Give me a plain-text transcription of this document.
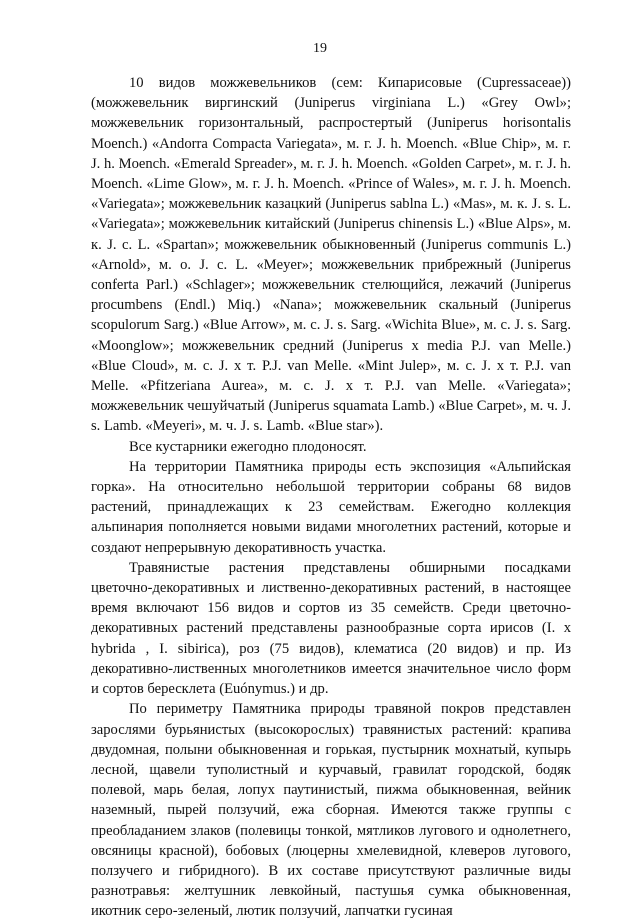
19

10 видов можжевельников (сем: Кипарисовые (Cupressaceae)) (можжевельник виргинский (Juniperus virginiana L.) «Grey Owl»; можжевельник горизонтальный, распростертый (Juniperus horisontalis Moench.) «Andorra Compacta Variegata», м. г. J. h. Moench. «Blue Chip», м. г. J. h. Moench. «Emerald Spreader», м. г. J. h. Moench. «Golden Carpet», м. г. J. h. Moench. «Lime Glow», м. г. J. h. Moench. «Prince of Wales», м. г. J. h. Moench. «Variegata»; можжевельник казацкий (Juniperus sablna L.) «Mas», м. к. J. s. L. «Variegata»; можжевельник китайский (Juniperus chinensis L.) «Blue Alps», м. к. J. c. L. «Spartan»; можжевельник обыкновенный (Juniperus communis L.) «Arnold», м. о. J. c. L. «Meyer»; можжевельник прибрежный (Juniperus conferta Parl.) «Schlager»; можжевельник стелющийся, лежачий (Juniperus procumbens (Endl.) Miq.) «Nana»; можжевельник скальный (Juniperus scopulorum Sarg.) «Blue Arrow», м. с. J. s. Sarg. «Wichita Blue», м. с. J. s. Sarg. «Moonglow»; можжевельник средний (Juniperus x media P.J. van Melle.) «Blue Cloud», м. с. J. x т. P.J. van Melle. «Mint Julep», м. с. J. x т. P.J. van Melle. «Pfitzeriana Aurea», м. с. J. x т. P.J. van Melle. «Variegata»; можжевельник чешуйчатый (Juniperus squamata Lamb.) «Blue Carpet», м. ч. J. s. Lamb. «Meyeri», м. ч. J. s. Lamb. «Blue star»).

Все кустарники ежегодно плодоносят.

На территории Памятника природы есть экспозиция «Альпийская горка». На относительно небольшой территории собраны 68 видов растений, принадлежащих к 23 семействам. Ежегодно коллекция альпинария пополняется новыми видами многолетних растений, которые и создают непрерывную декоративность участка.

Травянистые растения представлены обширными посадками цветочно-декоративных и лиственно-декоративных растений, в настоящее время включают 156 видов и сортов из 35 семейств. Среди цветочно-декоративных растений представлены разнообразные сорта ирисов (I. x hybrida , I. sibirica), роз (75 видов), клематиса (20 видов) и пр. Из декоративно-лиственных многолетников имеется значительное число форм и сортов бересклета (Euónymus.) и др.

По периметру Памятника природы травяной покров представлен зарослями бурьянистых (высокорослых) травянистых растений: крапива двудомная, полыни обыкновенная и горькая, пустырник мохнатый, купырь лесной, щавели туполистный и курчавый, гравилат городской, бодяк полевой, марь белая, лопух паутинистый, пижма обыкновенная, вейник наземный, пырей ползучий, ежа сборная. Имеются также группы с преобладанием злаков (полевицы тонкой, мятликов лугового и однолетнего, овсяницы красной), бобовых (люцерны хмелевидной, клеверов лугового, ползучего и гибридного). В их составе присутствуют различные виды разнотравья: желтушник левкойный, пастушья сумка обыкновенная, икотник серо-зеленый, лютик ползучий, лапчатки гусиная
